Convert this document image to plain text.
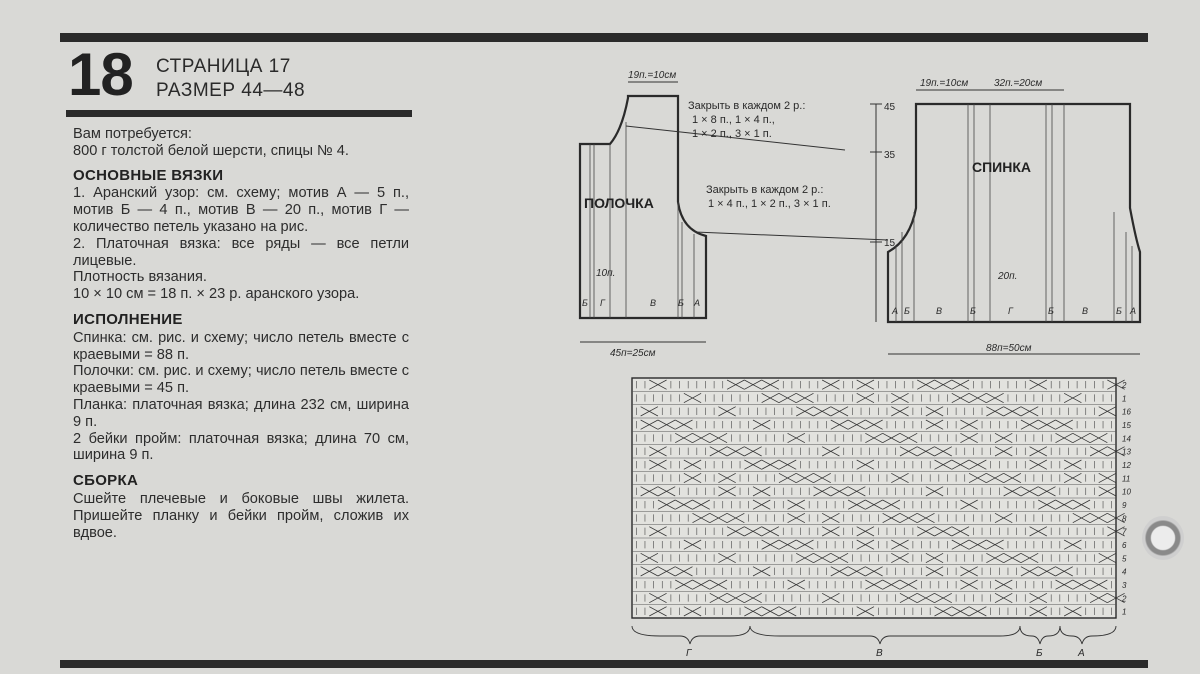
18 СТРАНИЦА 17
РАЗМЕР 44—48

Вам потребуется:

800 г толстой белой шерсти, спицы № 4.

ОСНОВНЫЕ ВЯЗКИ

1. Аранский узор: см. схему; мотив А — 5 п., мотив Б — 4 п., мотив В — 20 п., мотив Г — количество петель указано на рис.

2. Платочная вязка: все ряды — все петли лицевые.

Плотность вязания.

10 × 10 см = 18 п. × 23 р. аранского узора.

ИСПОЛНЕНИЕ

Спинка: см. рис. и схему; число петель вместе с краевыми = 88 п.

Полочки: см. рис. и схему; число петель вместе с краевыми = 45 п.

Планка: платочная вязка; длина 232 см, ширина 9 п.

2 бейки пройм: платочная вязка; длина 70 см, ширина 9 п.

СБОРКА

Сшейте плечевые и боковые швы жилета. Пришейте планку и бейки пройм, сложив их вдвое.

19п.=10см
45п=25см
19п.=10см	32п.=20см
88п=50см
10п.	20п.
45
35
15
ПОЛОЧКА
СПИНКА
Закрыть в каждом 2 р.:
1 × 8 п., 1 × 4 п.,
1 × 2 п., 3 × 1 п.
Закрыть в каждом 2 р.:
1 × 4 п., 1 × 2 п., 3 × 1 п.
Б Г	В Б А
А Б	В	Б	Г	Б	В	Б А
2
1
16
15
14
13
12
11
10
9
8
7
6
5
4
3
2
1
Г	В	Б	А
